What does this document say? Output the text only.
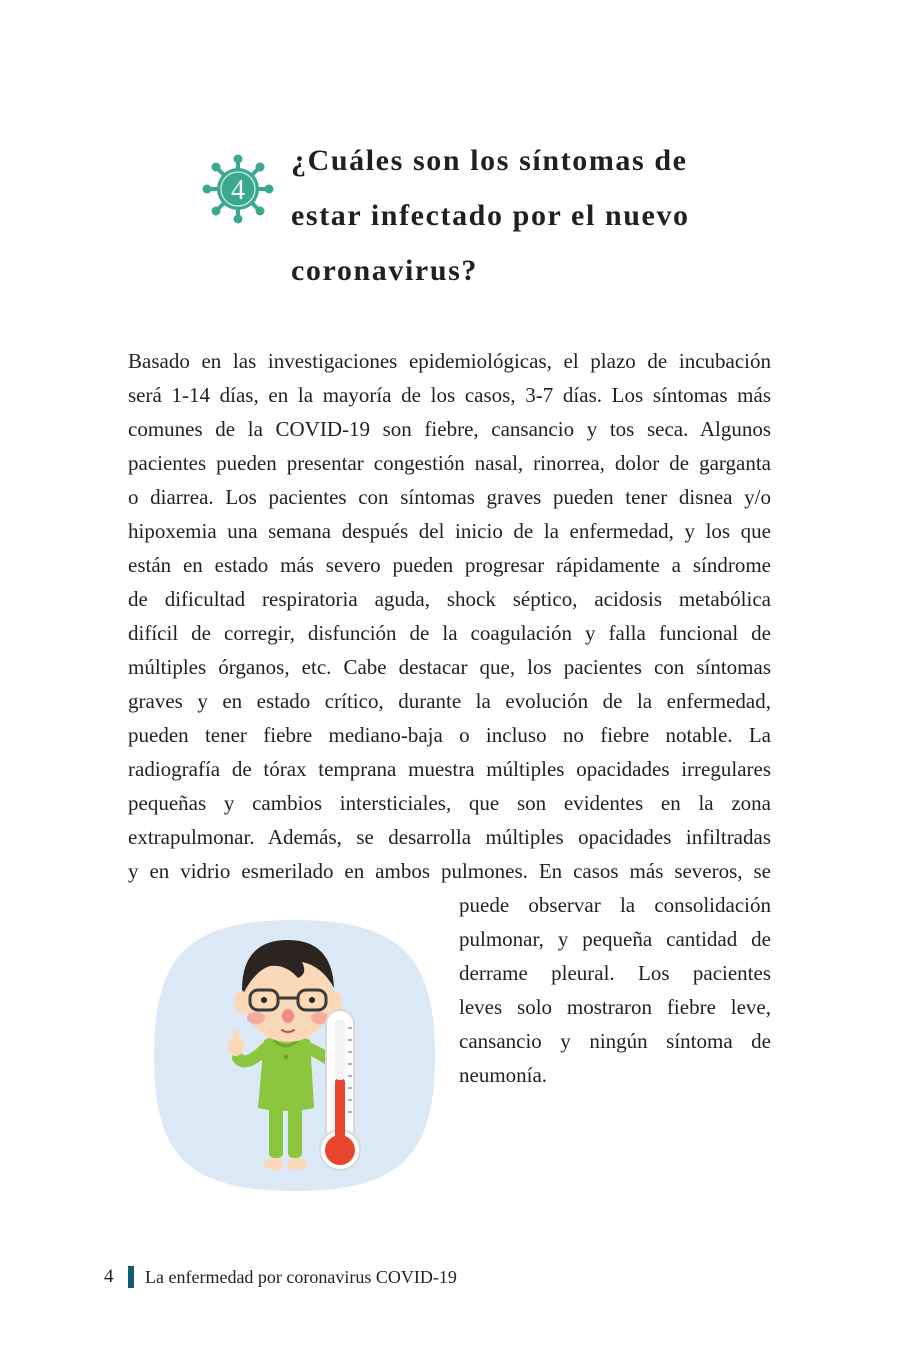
4
¿Cuáles son los síntomas de
estar infectado por el nuevo
coronavirus?
Basado en las investigaciones epidemiológicas, el plazo de incubación
será 1-14 días, en la mayoría de los casos, 3-7 días. Los síntomas más
comunes de la COVID-19 son fiebre, cansancio y tos seca. Algunos
pacientes pueden presentar congestión nasal, rinorrea, dolor de garganta
o diarrea. Los pacientes con síntomas graves pueden tener disnea y/o
hipoxemia una semana después del inicio de la enfermedad, y los que
están en estado más severo pueden progresar rápidamente a síndrome
de dificultad respiratoria aguda, shock séptico, acidosis metabólica
difícil de corregir, disfunción de la coagulación y falla funcional de
múltiples órganos, etc. Cabe destacar que, los pacientes con síntomas
graves y en estado crítico, durante la evolución de la enfermedad,
pueden tener fiebre mediano-baja o incluso no fiebre notable. La
radiografía de tórax temprana muestra múltiples opacidades irregulares
pequeñas y cambios intersticiales, que son evidentes en la zona
extrapulmonar. Además, se desarrolla múltiples opacidades infiltradas
y en vidrio esmerilado en ambos pulmones. En casos más severos, se
puede observar la consolidación
pulmonar, y pequeña cantidad de
derrame pleural. Los pacientes
leves solo mostraron fiebre leve,
cansancio y ningún síntoma de
neumonía.
4 La enfermedad por coronavirus COVID-19
